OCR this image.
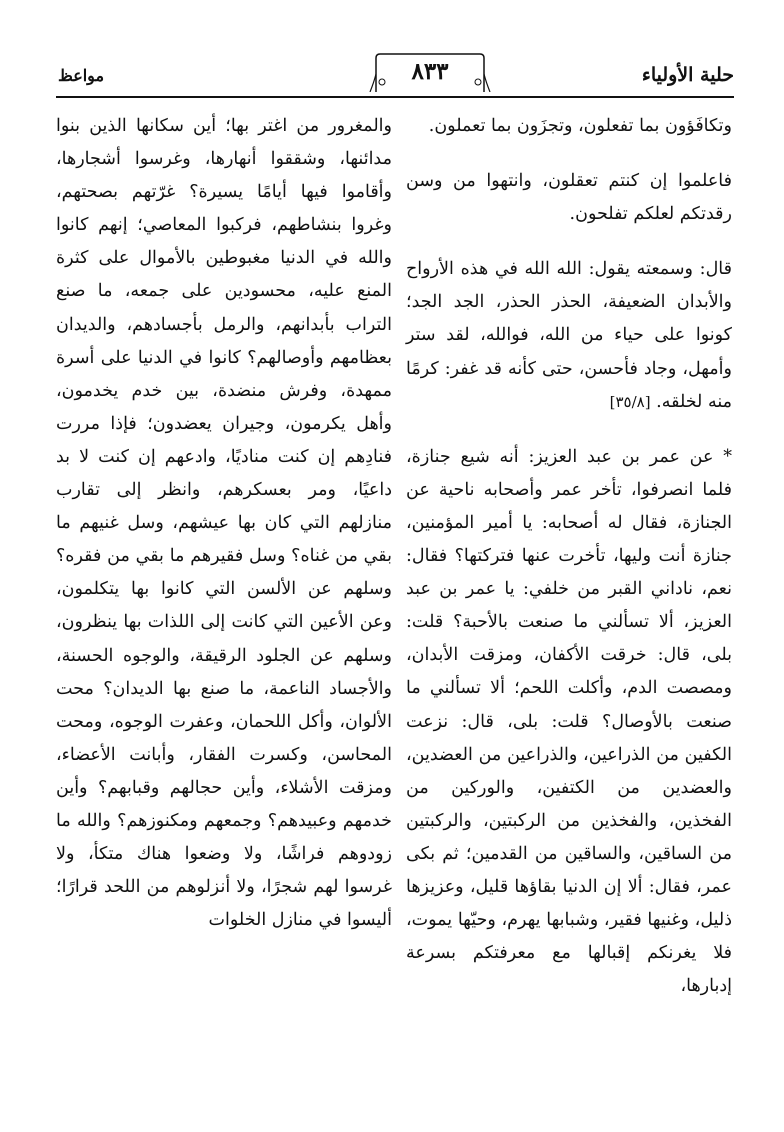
حلية الأولياء
٨٣٣
مواعظ

وتكافَؤون بما تفعلون، وتجزَون بما تعملون.

فاعلموا إن كنتم تعقلون، وانتهوا من وسن رقدتكم لعلكم تفلحون.

قال: وسمعته يقول: الله الله في هذه الأرواح والأبدان الضعيفة، الحذر الحذر، الجد الجد؛ كونوا على حياء من الله، فوالله، لقد ستر وأمهل، وجاد فأحسن، حتى كأنه قد غفر: كرمًا منه لخلقه. [٣٥/٨]

* عن عمر بن عبد العزيز: أنه شيع جنازة، فلما انصرفوا، تأخر عمر وأصحابه ناحية عن الجنازة، فقال له أصحابه: يا أمير المؤمنين، جنازة أنت وليها، تأخرت عنها فتركتها؟ فقال: نعم، ناداني القبر من خلفي: يا عمر بن عبد العزيز، ألا تسألني ما صنعت بالأحبة؟ قلت: بلى، قال: خرقت الأكفان، ومزقت الأبدان، ومصصت الدم، وأكلت اللحم؛ ألا تسألني ما صنعت بالأوصال؟ قلت: بلى، قال: نزعت الكفين من الذراعين، والذراعين من العضدين، والعضدين من الكتفين، والوركين من الفخذين، والفخذين من الركبتين، والركبتين من الساقين، والساقين من القدمين؛ ثم بكى عمر، فقال: ألا إن الدنيا بقاؤها قليل، وعزيزها ذليل، وغنيها فقير، وشبابها يهرم، وحيّها يموت، فلا يغرنكم إقبالها مع معرفتكم بسرعة إدبارها،

والمغرور من اغتر بها؛ أين سكانها الذين بنوا مدائنها، وشققوا أنهارها، وغرسوا أشجارها، وأقاموا فيها أيامًا يسيرة؟ غرّتهم بصحتهم، وغروا بنشاطهم، فركبوا المعاصي؛ إنهم كانوا والله في الدنيا مغبوطين بالأموال على كثرة المنع عليه، محسودين على جمعه، ما صنع التراب بأبدانهم، والرمل بأجسادهم، والديدان بعظامهم وأوصالهم؟ كانوا في الدنيا على أسرة ممهدة، وفرش منضدة، بين خدم يخدمون، وأهل يكرمون، وجيران يعضدون؛ فإذا مررت فنادِهم إن كنت مناديًا، وادعهم إن كنت لا بد داعيًا، ومر بعسكرهم، وانظر إلى تقارب منازلهم التي كان بها عيشهم، وسل غنيهم ما بقي من غناه؟ وسل فقيرهم ما بقي من فقره؟ وسلهم عن الألسن التي كانوا بها يتكلمون، وعن الأعين التي كانت إلى اللذات بها ينظرون، وسلهم عن الجلود الرقيقة، والوجوه الحسنة، والأجساد الناعمة، ما صنع بها الديدان؟ محت الألوان، وأكل اللحمان، وعفرت الوجوه، ومحت المحاسن، وكسرت الفقار، وأبانت الأعضاء، ومزقت الأشلاء، وأين حجالهم وقبابهم؟ وأين خدمهم وعبيدهم؟ وجمعهم ومكنوزهم؟ والله ما زودوهم فراشًا، ولا وضعوا هناك متكأ، ولا غرسوا لهم شجرًا، ولا أنزلوهم من اللحد قرارًا؛ أليسوا في منازل الخلوات
